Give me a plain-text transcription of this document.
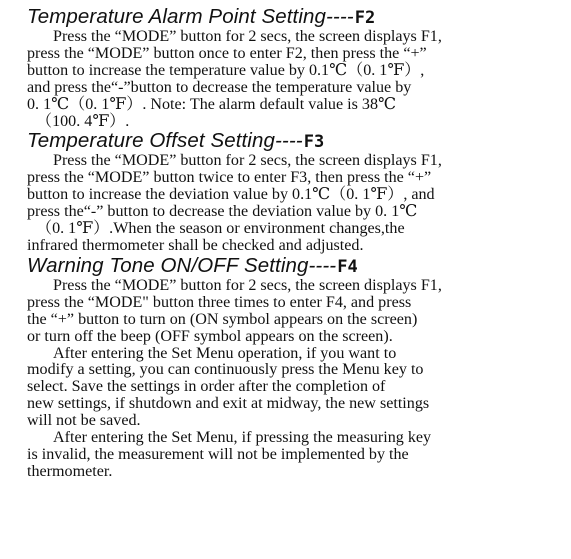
Temperature Alarm Point Setting----F2

Press the “MODE” button for 2 secs, the screen displays F1,
press the “MODE” button once to enter F2, then press the “+”
button to increase the temperature value by 0.1℃（0. 1℉）,
and press the“-”button to decrease the temperature value by
0. 1℃（0. 1℉）. Note: The alarm default value is 38℃
（100. 4℉）.

Temperature Offset Setting----F3

Press the “MODE” button for 2 secs, the screen displays F1,
press the “MODE” button twice to enter F3, then press the “+”
button to increase the deviation value by 0.1℃（0. 1℉）, and
press the“-” button to decrease the deviation value by 0. 1℃
（0. 1℉）.When the season or environment changes,the
infrared thermometer shall be checked and adjusted.

Warning Tone ON/OFF Setting----F4

Press the “MODE” button for 2 secs, the screen displays F1,
press the “MODE" button three times to enter F4, and press
the “+” button to turn on (ON symbol appears on the screen)
or turn off the beep (OFF symbol appears on the screen).
After entering the Set Menu operation, if you want to
modify a setting, you can continuously press the Menu key to
select. Save the settings in order after the completion of
new settings, if shutdown and exit at midway, the new settings
will not be saved.
After entering the Set Menu, if pressing the measuring key
is invalid, the measurement will not be implemented by the
thermometer.
